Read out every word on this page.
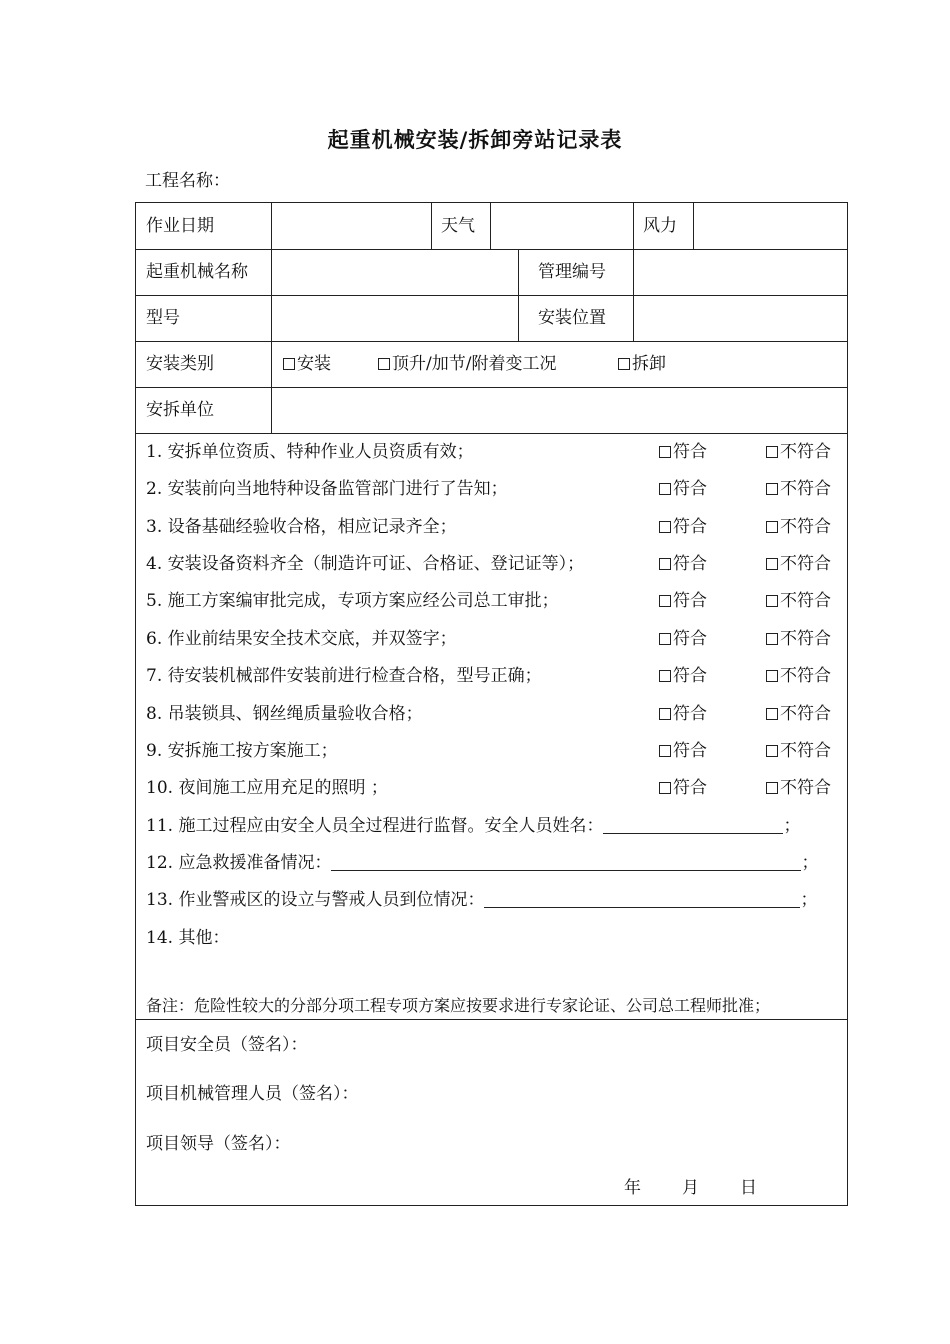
起重机械安装/拆卸旁站记录表
工程名称：
作业日期	天气	风力
起重机械名称	管理编号
型号	安装位置
安装类别	安装	顶升/加节/附着变工况	拆卸
安拆单位
1. 安拆单位资质、特种作业人员资质有效；	符合	不符合
2. 安装前向当地特种设备监管部门进行了告知；	符合	不符合
3. 设备基础经验收合格，相应记录齐全；	符合	不符合
4. 安装设备资料齐全（制造许可证、合格证、登记证等）；	符合	不符合
5. 施工方案编审批完成，专项方案应经公司总工审批；	符合	不符合
6. 作业前结果安全技术交底，并双签字；	符合	不符合
7. 待安装机械部件安装前进行检查合格，型号正确；	符合	不符合
8. 吊装锁具、钢丝绳质量验收合格；	符合	不符合
9. 安拆施工按方案施工；	符合	不符合
10. 夜间施工应用充足的照明 ；	符合	不符合
11. 施工过程应由安全人员全过程进行监督。安全人员姓名：	；
12. 应急救援准备情况：	；
13. 作业警戒区的设立与警戒人员到位情况：	；
14. 其他：
备注：危险性较大的分部分项工程专项方案应按要求进行专家论证、公司总工程师批准；
项目安全员（签名）：
项目机械管理人员（签名）：
项目领导（签名）：
年 月 日
